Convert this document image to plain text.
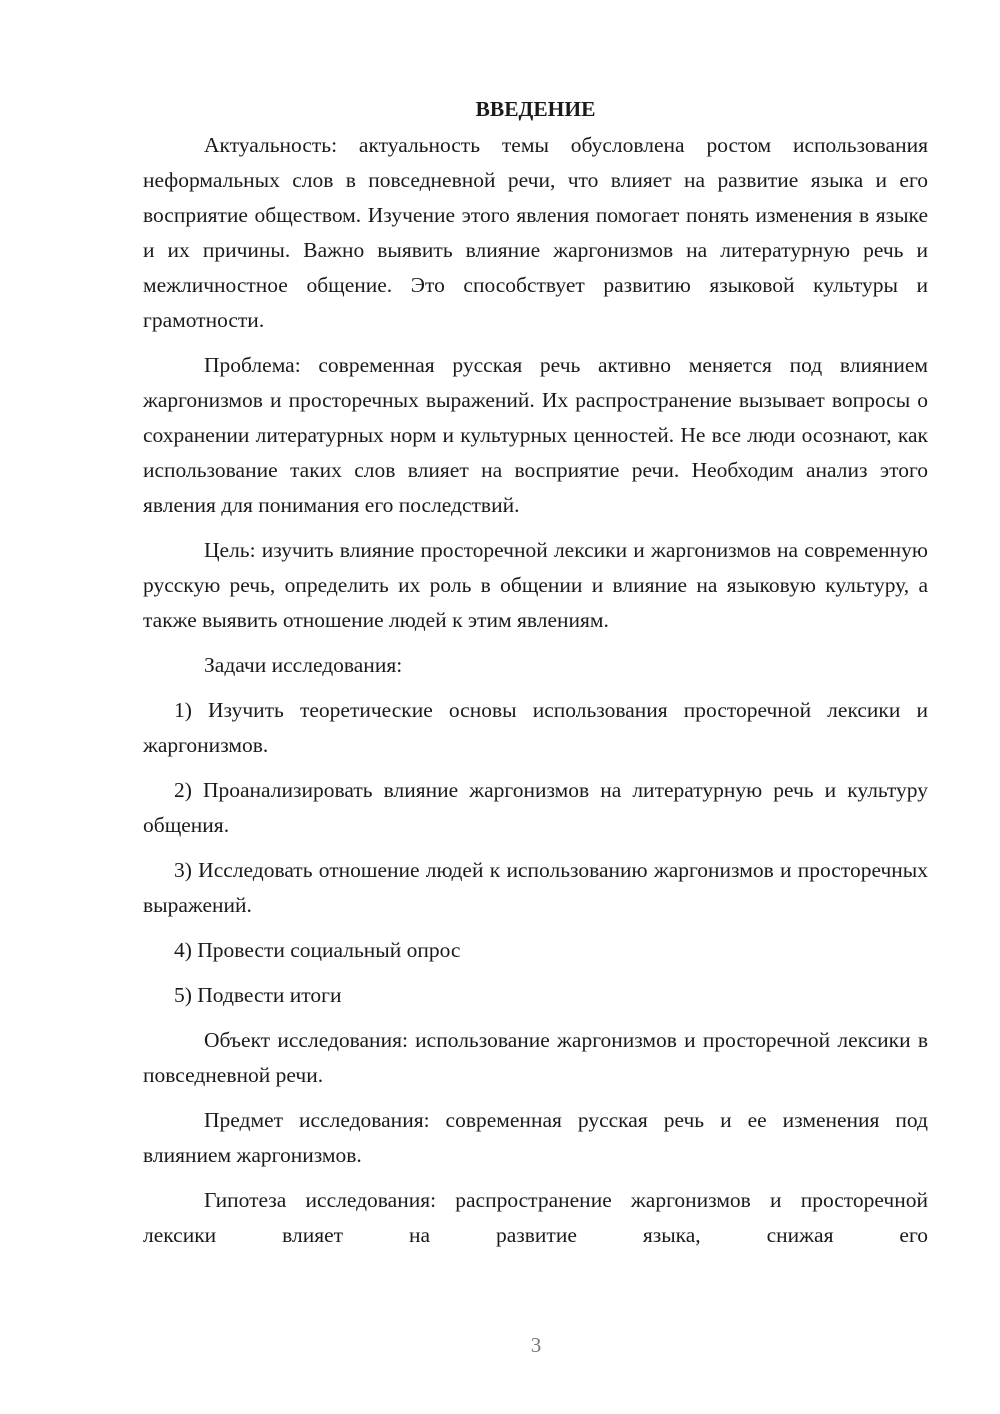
ВВЕДЕНИЕ

Актуальность: актуальность темы обусловлена ростом использования неформальных слов в повседневной речи, что влияет на развитие языка и его восприятие обществом. Изучение этого явления помогает понять изменения в языке и их причины. Важно выявить влияние жаргонизмов на литературную речь и межличностное общение. Это способствует развитию языковой культуры и грамотности.

Проблема: современная русская речь активно меняется под влиянием жаргонизмов и просторечных выражений. Их распространение вызывает вопросы о сохранении литературных норм и культурных ценностей. Не все люди осознают, как использование таких слов влияет на восприятие речи. Необходим анализ этого явления для понимания его последствий.

Цель: изучить влияние просторечной лексики и жаргонизмов на современную русскую речь, определить их роль в общении и влияние на языковую культуру, а также выявить отношение людей к этим явлениям.

Задачи исследования:

1) Изучить теоретические основы использования просторечной лексики и жаргонизмов.

2) Проанализировать влияние жаргонизмов на литературную речь и культуру общения.

3) Исследовать отношение людей к использованию жаргонизмов и просторечных выражений.

4) Провести социальный опрос

5) Подвести итоги

Объект исследования: использование жаргонизмов и просторечной лексики в повседневной речи.

Предмет исследования: современная русская речь и ее изменения под влиянием жаргонизмов.

Гипотеза исследования: распространение жаргонизмов и просторечной лексики влияет на развитие языка, снижая его

3
